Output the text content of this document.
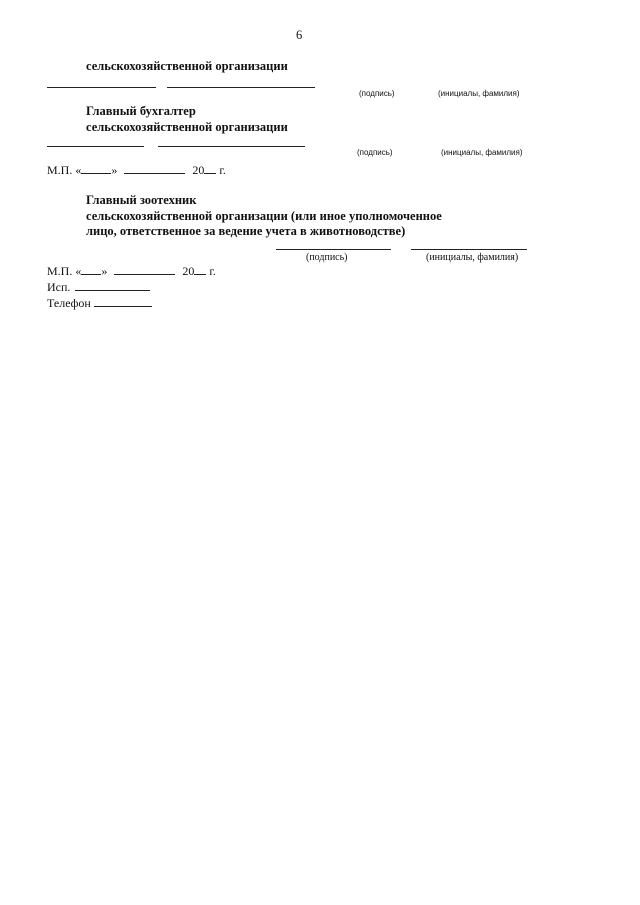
6
сельскохозяйственной организации
(подпись)	(инициалы, фамилия)
Главный бухгалтер
сельскохозяйственной организации
(подпись)	(инициалы, фамилия)
М.П. «	»	20 г.
Главный зоотехник
сельскохозяйственной организации (или иное уполномоченное
лицо, ответственное за ведение учета в животноводстве)
(подпись)	(инициалы, фамилия)
М.П. « »	20 г.
Исп.
Телефон
